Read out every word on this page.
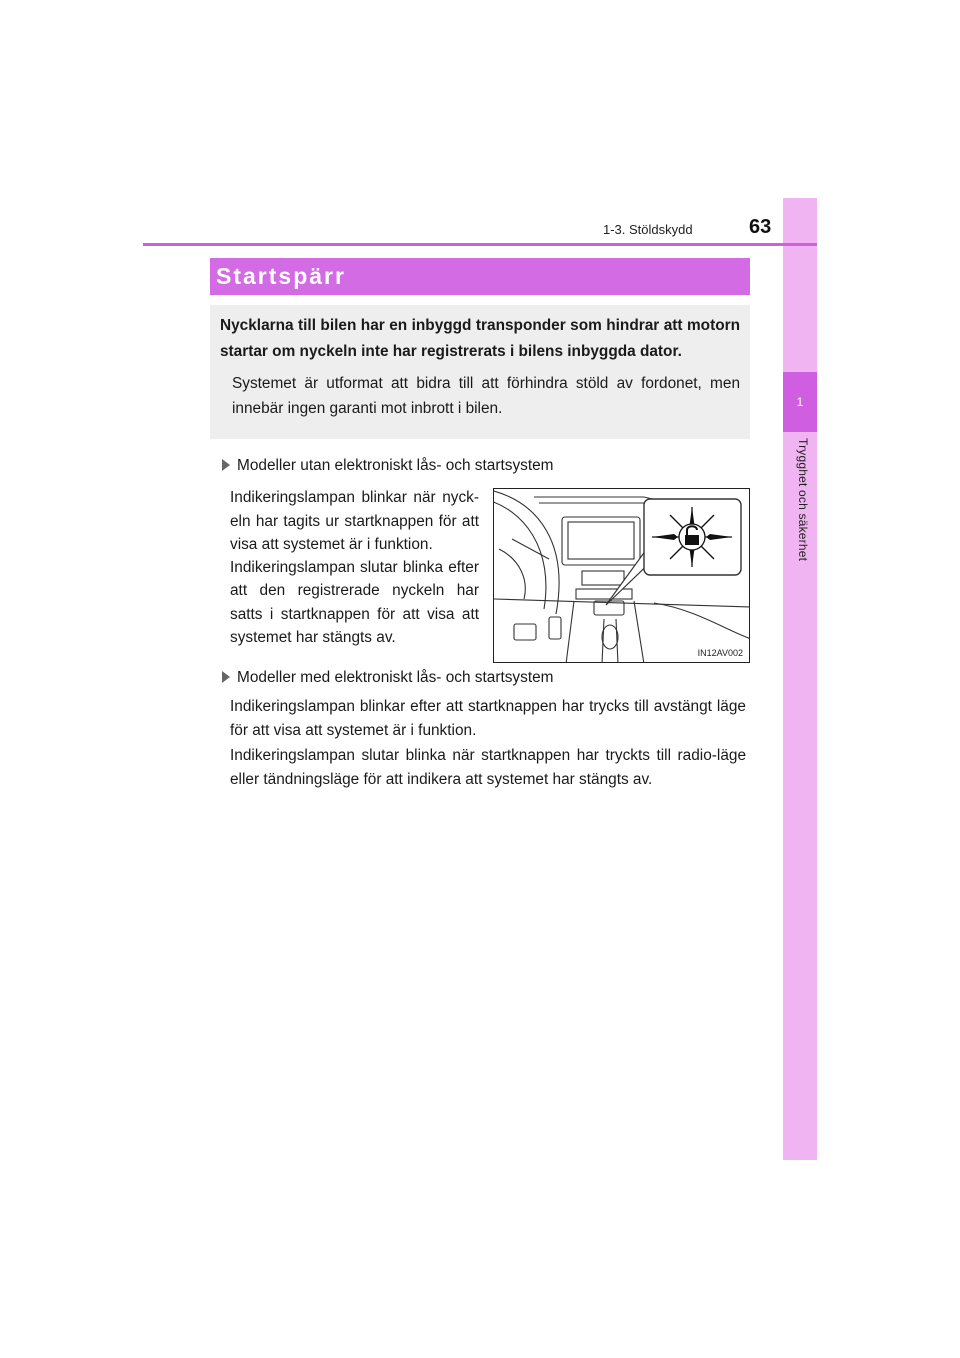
1
Trygghet och säkerhet
1-3. Stöldskydd	63
Startspärr

Nycklarna till bilen har en inbyggd transponder som hindrar att motorn startar om nyckeln inte har registrerats i bilens inbyggda dator.

Systemet är utformat att bidra till att förhindra stöld av fordonet, men innebär ingen garanti mot inbrott i bilen.

Modeller utan elektroniskt lås- och startsystem

Indikeringslampan blinkar när nyck-eln har tagits ur startknappen för att visa att systemet är i funktion.

Indikeringslampan slutar blinka efter att den registrerade nyckeln har satts i startknappen för att visa att systemet har stängts av.

IN12AV002
Modeller med elektroniskt lås- och startsystem

Indikeringslampan blinkar efter att startknappen har trycks till avstängt läge för att visa att systemet är i funktion.

Indikeringslampan slutar blinka när startknappen har tryckts till radio-läge eller tändningsläge för att indikera att systemet har stängts av.
